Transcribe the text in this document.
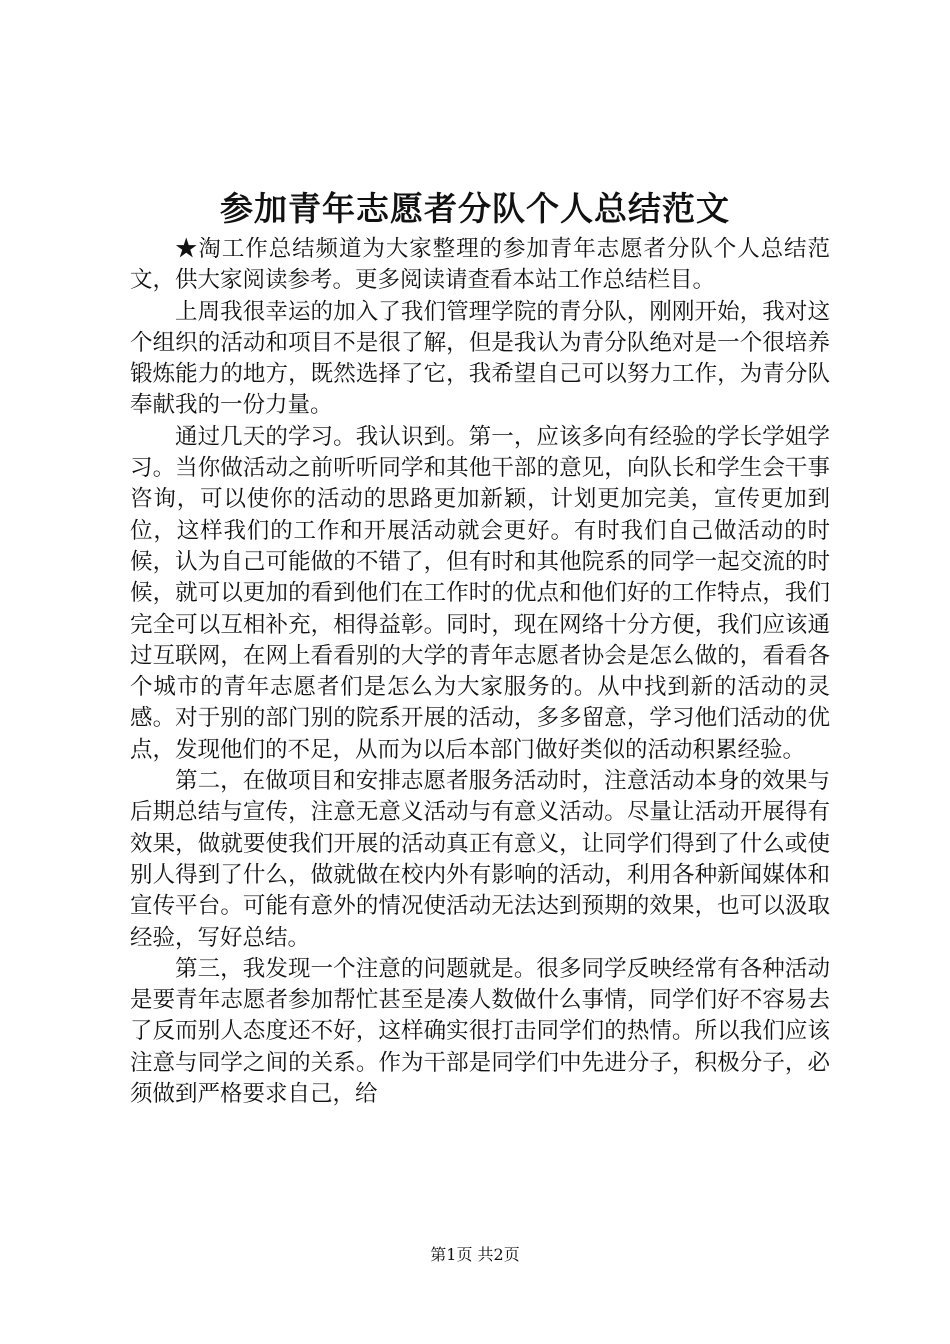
参加青年志愿者分队个人总结范文

★淘工作总结频道为大家整理的参加青年志愿者分队个人总结范文，供大家阅读参考。更多阅读请查看本站工作总结栏目。

上周我很幸运的加入了我们管理学院的青分队，刚刚开始，我对这个组织的活动和项目不是很了解，但是我认为青分队绝对是一个很培养锻炼能力的地方，既然选择了它，我希望自己可以努力工作，为青分队奉献我的一份力量。

通过几天的学习。我认识到。第一，应该多向有经验的学长学姐学习。当你做活动之前听听同学和其他干部的意见，向队长和学生会干事咨询，可以使你的活动的思路更加新颖，计划更加完美，宣传更加到位，这样我们的工作和开展活动就会更好。有时我们自己做活动的时候，认为自己可能做的不错了，但有时和其他院系的同学一起交流的时候，就可以更加的看到他们在工作时的优点和他们好的工作特点，我们完全可以互相补充，相得益彰。同时，现在网络十分方便，我们应该通过互联网，在网上看看别的大学的青年志愿者协会是怎么做的，看看各个城市的青年志愿者们是怎么为大家服务的。从中找到新的活动的灵感。对于别的部门别的院系开展的活动，多多留意，学习他们活动的优点，发现他们的不足，从而为以后本部门做好类似的活动积累经验。

第二，在做项目和安排志愿者服务活动时，注意活动本身的效果与后期总结与宣传，注意无意义活动与有意义活动。尽量让活动开展得有效果，做就要使我们开展的活动真正有意义，让同学们得到了什么或使别人得到了什么，做就做在校内外有影响的活动，利用各种新闻媒体和宣传平台。可能有意外的情况使活动无法达到预期的效果，也可以汲取经验，写好总结。

第三，我发现一个注意的问题就是。很多同学反映经常有各种活动是要青年志愿者参加帮忙甚至是凑人数做什么事情，同学们好不容易去了反而别人态度还不好，这样确实很打击同学们的热情。所以我们应该注意与同学之间的关系。作为干部是同学们中先进分子，积极分子，必须做到严格要求自己，给

第1页 共2页
